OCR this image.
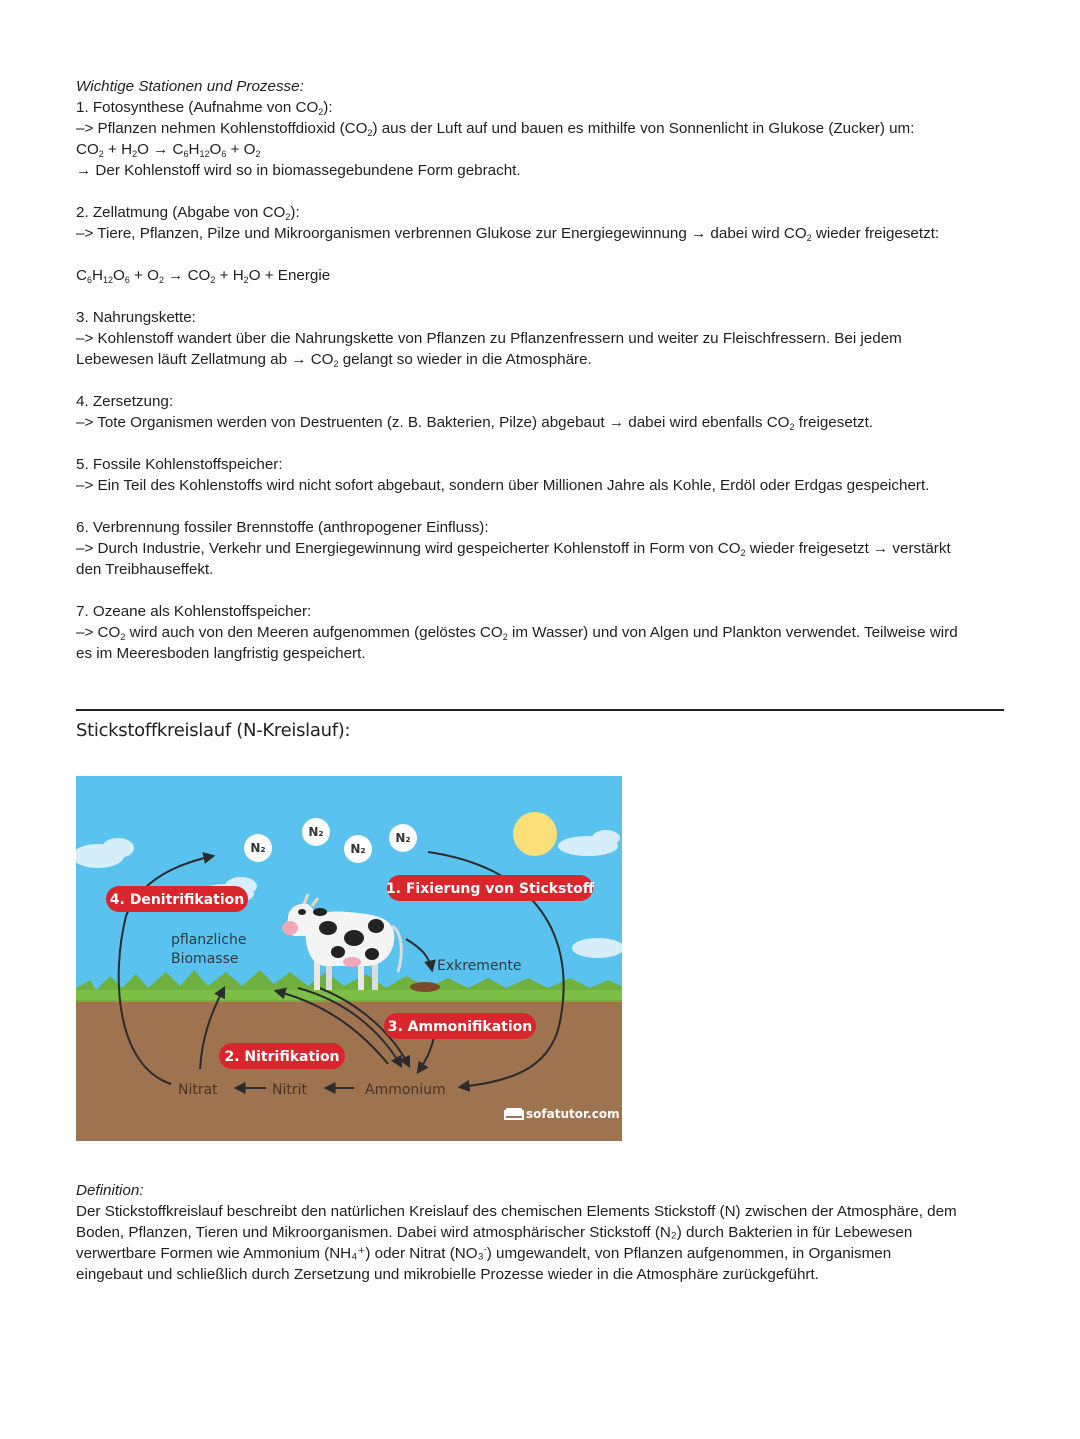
Wichtige Stationen und Prozesse:

1. Fotosynthese (Aufnahme von $CO_2$):

–> Pflanzen nehmen Kohlenstoffdioxid $(CO_2)$ aus der Luft auf und bauen es mithilfe von Sonnenlicht in Glukose (Zucker) um:

$CO_2 + H_2O \to C_6H_{12}O_6 + O_2$

→ Der Kohlenstoff wird so in biomassegebundene Form gebracht.

2. Zellatmung (Abgabe von $CO_2$):

–> Tiere, Pflanzen, Pilze und Mikroorganismen verbrennen Glukose zur Energiegewinnung → dabei wird $CO_2$ wieder freigesetzt:

$C_6H_{12}O_6 + O_2 \to CO_2 + H_2O$ + Energie

3. Nahrungskette:

–> Kohlenstoff wandert über die Nahrungskette von Pflanzen zu Pflanzenfressern und weiter zu Fleischfressern. Bei jedem

Lebewesen läuft Zellatmung ab → $CO_2$ gelangt so wieder in die Atmosphäre.

4. Zersetzung:

–> Tote Organismen werden von Destruenten (z. B. Bakterien, Pilze) abgebaut → dabei wird ebenfalls $CO_2$ freigesetzt.

5. Fossile Kohlenstoffspeicher:

–> Ein Teil des Kohlenstoffs wird nicht sofort abgebaut, sondern über Millionen Jahre als Kohle, Erdöl oder Erdgas gespeichert.

6. Verbrennung fossiler Brennstoffe (anthropogener Einfluss):

–> Durch Industrie, Verkehr und Energiegewinnung wird gespeicherter Kohlenstoff in Form von $CO_2$ wieder freigesetzt → verstärkt

den Treibhauseffekt.

7. Ozeane als Kohlenstoffspeicher:

–> $CO_2$ wird auch von den Meeren aufgenommen (gelöstes $CO_2$ im Wasser) und von Algen und Plankton verwendet. Teilweise wird

es im Meeresboden langfristig gespeichert.

Stickstoffkreislauf (N-Kreislauf):
N₂
N₂
N₂
N₂
1. Fixierung von Stickstoff
4. Denitrifikation
3. Ammonifikation
2. Nitrifikation
pflanzliche
Biomasse	Exkremente
Nitrat	Nitrit	Ammonium
sofatutor.com

Definition:

Der Stickstoffkreislauf beschreibt den natürlichen Kreislauf des chemischen Elements Stickstoff (N) zwischen der Atmosphäre, dem

Boden, Pflanzen, Tieren und Mikroorganismen. Dabei wird atmosphärischer Stickstoff (N₂) durch Bakterien in für Lebewesen

verwertbare Formen wie Ammonium (NH₄⁺) oder Nitrat (NO₃-) umgewandelt, von Pflanzen aufgenommen, in Organismen

eingebaut und schließlich durch Zersetzung und mikrobielle Prozesse wieder in die Atmosphäre zurückgeführt.
